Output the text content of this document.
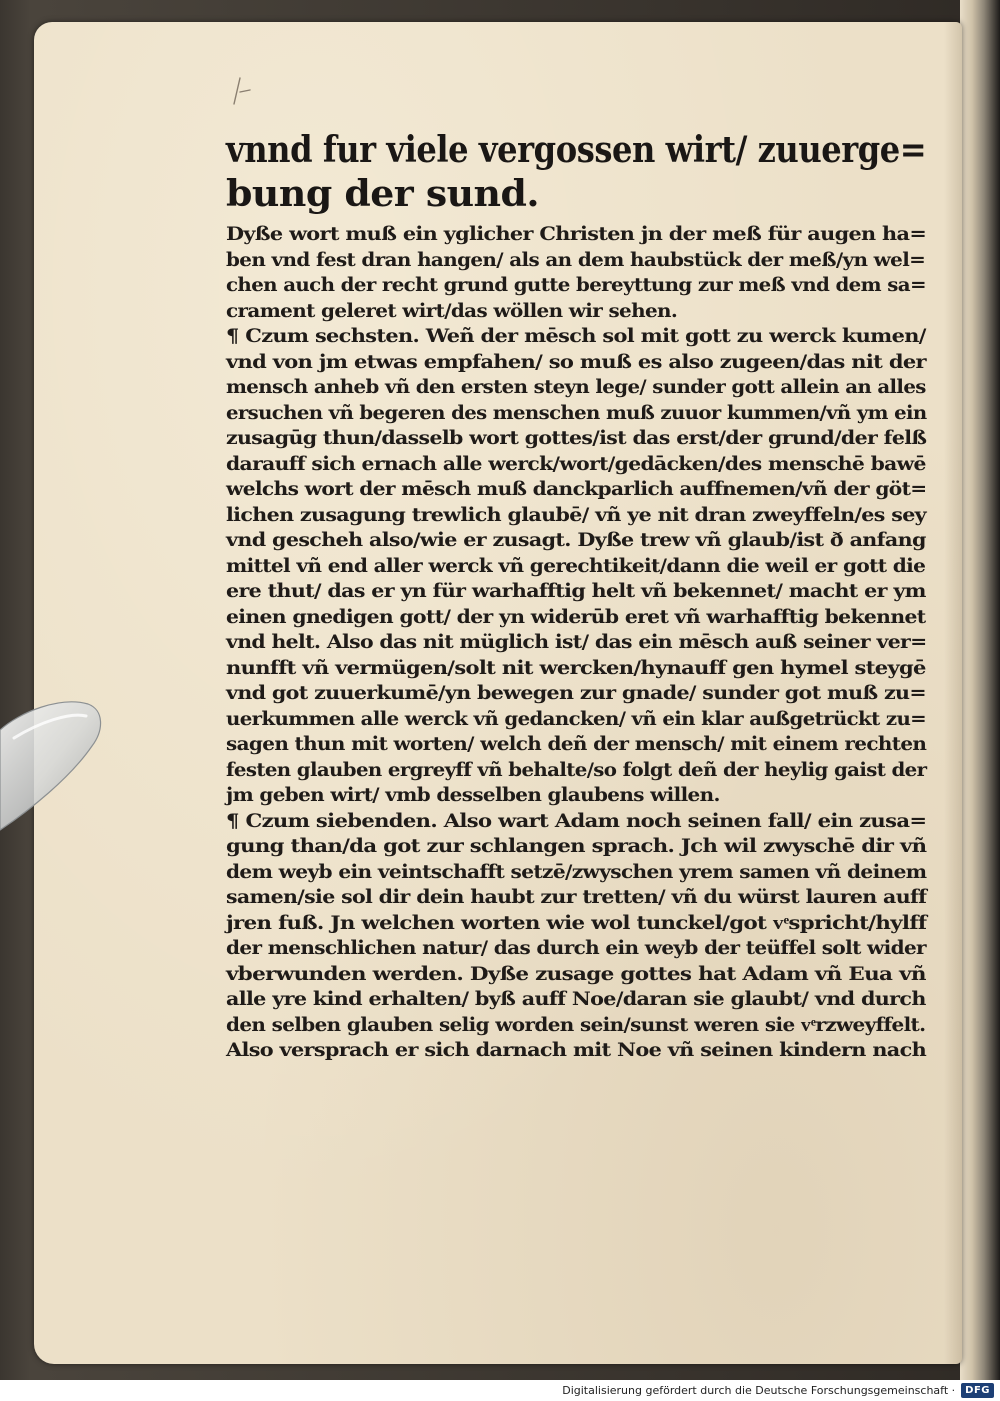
vnnd fur viele vergossen wirt/ zuuerge=
bung der sund.
Dyße wort muß ein yglicher Christen jn der meß für augen ha=
ben vnd fest dran hangen/ als an dem haubstück der meß/yn wel=
chen auch der recht grund gutte bereyttung zur meß vnd dem sa=
crament geleret wirt/das wöllen wir sehen.
¶ Czum sechsten. Weñ der mēsch sol mit gott zu werck kumen/
vnd von jm etwas empfahen/ so muß es also zugeen/das nit der
mensch anheb vñ den ersten steyn lege/ sunder gott allein an alles
ersuchen vñ begeren des menschen muß zuuor kummen/vñ ym ein
zusagūg thun/dasselb wort gottes/ist das erst/der grund/der felß
darauff sich ernach alle werck/wort/gedācken/des menschē bawē
welchs wort der mēsch muß danckparlich auffnemen/vñ der göt=
lichen zusagung trewlich glaubē/ vñ ye nit dran zweyffeln/es sey
vnd gescheh also/wie er zusagt. Dyße trew vñ glaub/ist ð anfang
mittel vñ end aller werck vñ gerechtikeit/dann die weil er gott die
ere thut/ das er yn für warhafftig helt vñ bekennet/ macht er ym
einen gnedigen gott/ der yn widerūb eret vñ warhafftig bekennet
vnd helt. Also das nit müglich ist/ das ein mēsch auß seiner ver=
nunfft vñ vermügen/solt nit wercken/hynauff gen hymel steygē
vnd got zuuerkumē/yn bewegen zur gnade/ sunder got muß zu=
uerkummen alle werck vñ gedancken/ vñ ein klar außgetrückt zu=
sagen thun mit worten/ welch deñ der mensch/ mit einem rechten
festen glauben ergreyff vñ behalte/so folgt deñ der heylig gaist der
jm geben wirt/ vmb desselben glaubens willen.
¶ Czum siebenden. Also wart Adam noch seinen fall/ ein zusa=
gung than/da got zur schlangen sprach. Jch wil zwyschē dir vñ
dem weyb ein veintschafft setzē/zwyschen yrem samen vñ deinem
samen/sie sol dir dein haubt zur tretten/ vñ du würst lauren auff
jren fuß. Jn welchen worten wie wol tunckel/got vͤspricht/hylff
der menschlichen natur/ das durch ein weyb der teüffel solt wider
vberwunden werden. Dyße zusage gottes hat Adam vñ Eua vñ
alle yre kind erhalten/ byß auff Noe/daran sie glaubt/ vnd durch
den selben glauben selig worden sein/sunst weren sie vͤrzweyffelt.
Also versprach er sich darnach mit Noe vñ seinen kindern nach
Digitalisierung gefördert durch die Deutsche Forschungsgemeinschaft ·	DFG
